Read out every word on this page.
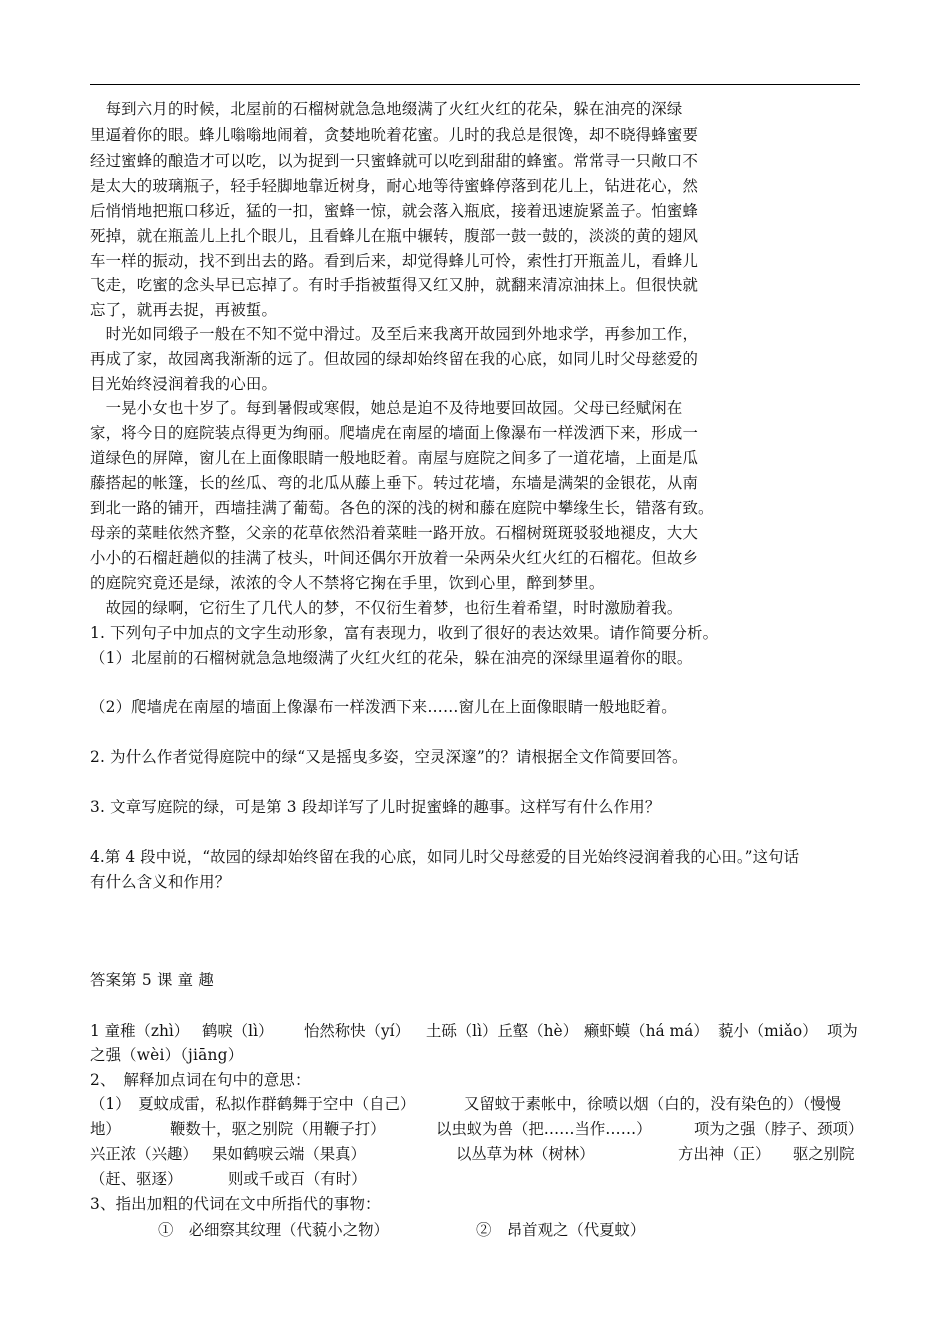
　每到六月的时候，北屋前的石榴树就急急地缀满了火红火红的花朵，躲在油亮的深绿

里逼着你的眼。蜂儿嗡嗡地闹着，贪婪地吮着花蜜。儿时的我总是很馋，却不晓得蜂蜜要

经过蜜蜂的酿造才可以吃，以为捉到一只蜜蜂就可以吃到甜甜的蜂蜜。常常寻一只敞口不

是太大的玻璃瓶子，轻手轻脚地靠近树身，耐心地等待蜜蜂停落到花儿上，钻进花心，然

后悄悄地把瓶口移近，猛的一扣，蜜蜂一惊，就会落入瓶底，接着迅速旋紧盖子。怕蜜蜂

死掉，就在瓶盖儿上扎个眼儿，且看蜂儿在瓶中辗转，腹部一鼓一鼓的，淡淡的黄的翅风

车一样的振动，找不到出去的路。看到后来，却觉得蜂儿可怜，索性打开瓶盖儿，看蜂儿

飞走，吃蜜的念头早已忘掉了。有时手指被蜇得又红又肿，就翻来清凉油抹上。但很快就

忘了，就再去捉，再被蜇。

　时光如同缎子一般在不知不觉中滑过。及至后来我离开故园到外地求学，再参加工作，

再成了家，故园离我渐渐的远了。但故园的绿却始终留在我的心底，如同儿时父母慈爱的

目光始终浸润着我的心田。

　一晃小女也十岁了。每到暑假或寒假，她总是迫不及待地要回故园。父母已经赋闲在

家，将今日的庭院装点得更为绚丽。爬墙虎在南屋的墙面上像瀑布一样泼洒下来，形成一

道绿色的屏障，窗儿在上面像眼睛一般地眨着。南屋与庭院之间多了一道花墙，上面是瓜

藤搭起的帐篷，长的丝瓜、弯的北瓜从藤上垂下。转过花墙，东墙是满架的金银花，从南

到北一路的铺开，西墙挂满了葡萄。各色的深的浅的树和藤在庭院中攀缘生长，错落有致。

母亲的菜畦依然齐整，父亲的花草依然沿着菜畦一路开放。石榴树斑斑驳驳地褪皮，大大

小小的石榴赶趟似的挂满了枝头，叶间还偶尔开放着一朵两朵火红火红的石榴花。但故乡

的庭院究竟还是绿，浓浓的令人不禁将它掬在手里，饮到心里，醉到梦里。

　故园的绿啊，它衍生了几代人的梦，不仅衍生着梦，也衍生着希望，时时激励着我。

1. 下列句子中加点的文字生动形象，富有表现力，收到了很好的表达效果。请作简要分析。

（1）北屋前的石榴树就急急地缀满了火红火红的花朵，躲在油亮的深绿里逼着你的眼。

（2）爬墙虎在南屋的墙面上像瀑布一样泼洒下来……窗儿在上面像眼睛一般地眨着。

2. 为什么作者觉得庭院中的绿“又是摇曳多姿，空灵深邃”的？请根据全文作简要回答。

3. 文章写庭院的绿，可是第 3 段却详写了儿时捉蜜蜂的趣事。这样写有什么作用？

4.第 4 段中说，“故园的绿却始终留在我的心底，如同儿时父母慈爱的目光始终浸润着我的心田。”这句话

有什么含义和作用？

答案第 5 课 童 趣

1 童稚（zhì） 鹤唳（lì） 怡然称快（yí） 土砾（lì）丘壑（hè） 癞虾蟆（há má） 藐小（miǎo） 项为

之强（wèi）（jiāng）

2、　解释加点词在句中的意思：

（1）　夏蚊成雷，私拟作群鹤舞于空中（自己）	又留蚊于素帐中，徐喷以烟（白的，没有染色的）（慢慢
地）	鞭数十，驱之别院（用鞭子打）	以虫蚁为兽（把……当作……）	项为之强（脖子、颈项）
兴正浓（兴趣） 果如鹤唳云端（果真）	以丛草为林（树林）	方出神（正） 驱之别院
（赶、驱逐）	则或千或百（有时）

3、指出加粗的代词在文中所指代的事物：

①　必细察其纹理（代藐小之物）	②　昂首观之（代夏蚊）
